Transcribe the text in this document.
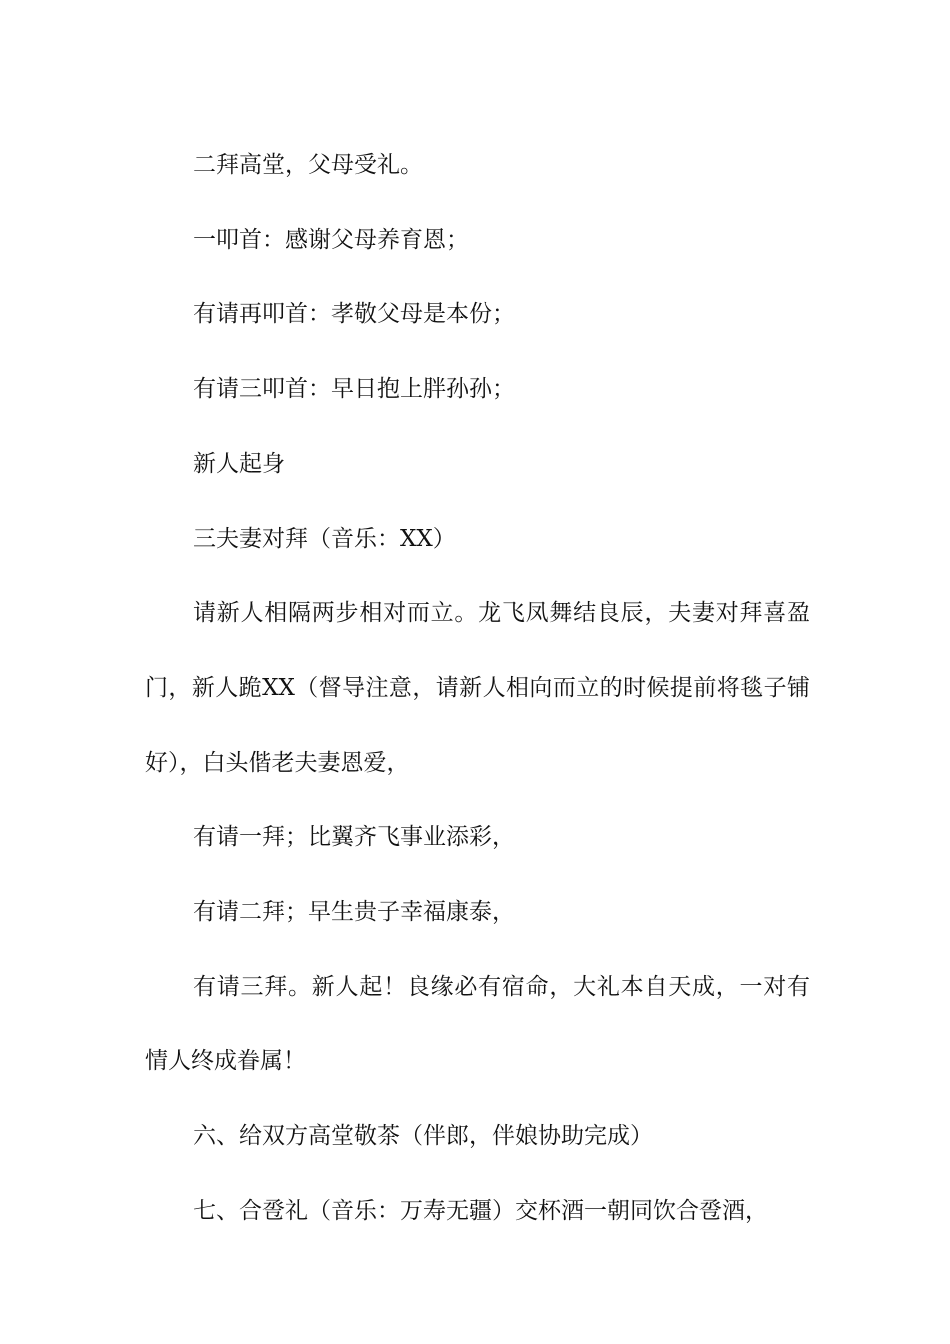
二拜高堂，父母受礼。

一叩首：感谢父母养育恩；

有请再叩首：孝敬父母是本份；

有请三叩首：早日抱上胖孙孙；

新人起身

三夫妻对拜（音乐：XX）

请新人相隔两步相对而立。龙飞凤舞结良辰，夫妻对拜喜盈门，新人跪XX（督导注意，请新人相向而立的时候提前将毯子铺好），白头偕老夫妻恩爱，

有请一拜；比翼齐飞事业添彩，

有请二拜；早生贵子幸福康泰，

有请三拜。新人起！良缘必有宿命，大礼本自天成，一对有情人终成眷属！

六、给双方高堂敬茶（伴郎，伴娘协助完成）

七、合卺礼（音乐：万寿无疆）交杯酒一朝同饮合卺酒，
